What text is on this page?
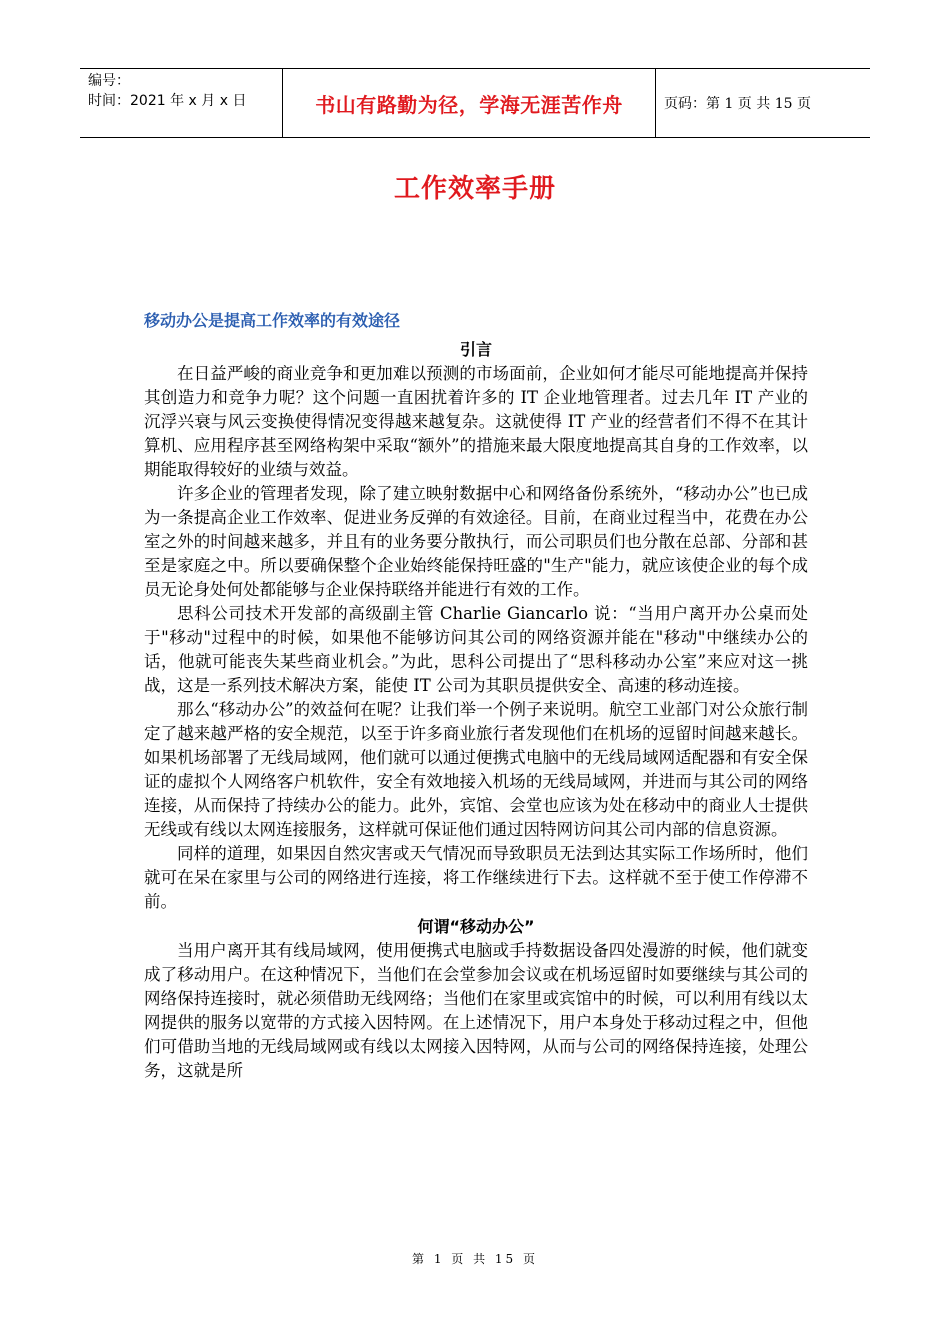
编号：
时间：2021 年 x 月 x 日	书山有路勤为径，学海无涯苦作舟	页码：第 1 页 共 15 页
工作效率手册
移动办公是提高工作效率的有效途径
引言

在日益严峻的商业竞争和更加难以预测的市场面前，企业如何才能尽可能地提高并保持其创造力和竞争力呢？这个问题一直困扰着许多的 IT 企业地管理者。过去几年 IT 产业的沉浮兴衰与风云变换使得情况变得越来越复杂。这就使得 IT 产业的经营者们不得不在其计算机、应用程序甚至网络构架中采取“额外”的措施来最大限度地提高其自身的工作效率，以期能取得较好的业绩与效益。

许多企业的管理者发现，除了建立映射数据中心和网络备份系统外，“移动办公”也已成为一条提高企业工作效率、促进业务反弹的有效途径。目前，在商业过程当中，花费在办公室之外的时间越来越多，并且有的业务要分散执行，而公司职员们也分散在总部、分部和甚至是家庭之中。所以要确保整个企业始终能保持旺盛的"生产"能力，就应该使企业的每个成员无论身处何处都能够与企业保持联络并能进行有效的工作。

思科公司技术开发部的高级副主管 Charlie Giancarlo 说：“当用户离开办公桌而处于"移动"过程中的时候，如果他不能够访问其公司的网络资源并能在"移动"中继续办公的话，他就可能丧失某些商业机会。”为此，思科公司提出了“思科移动办公室”来应对这一挑战，这是一系列技术解决方案，能使 IT 公司为其职员提供安全、高速的移动连接。

那么“移动办公”的效益何在呢？让我们举一个例子来说明。航空工业部门对公众旅行制定了越来越严格的安全规范，以至于许多商业旅行者发现他们在机场的逗留时间越来越长。如果机场部署了无线局域网，他们就可以通过便携式电脑中的无线局域网适配器和有安全保证的虚拟个人网络客户机软件，安全有效地接入机场的无线局域网，并进而与其公司的网络连接，从而保持了持续办公的能力。此外，宾馆、会堂也应该为处在移动中的商业人士提供无线或有线以太网连接服务，这样就可保证他们通过因特网访问其公司内部的信息资源。

同样的道理，如果因自然灾害或天气情况而导致职员无法到达其实际工作场所时，他们就可在呆在家里与公司的网络进行连接，将工作继续进行下去。这样就不至于使工作停滞不前。

何谓“移动办公”

当用户离开其有线局域网，使用便携式电脑或手持数据设备四处漫游的时候，他们就变成了移动用户。在这种情况下，当他们在会堂参加会议或在机场逗留时如要继续与其公司的网络保持连接时，就必须借助无线网络；当他们在家里或宾馆中的时候，可以利用有线以太网提供的服务以宽带的方式接入因特网。在上述情况下，用户本身处于移动过程之中，但他们可借助当地的无线局域网或有线以太网接入因特网，从而与公司的网络保持连接，处理公务，这就是所

第 1 页 共 15 页
